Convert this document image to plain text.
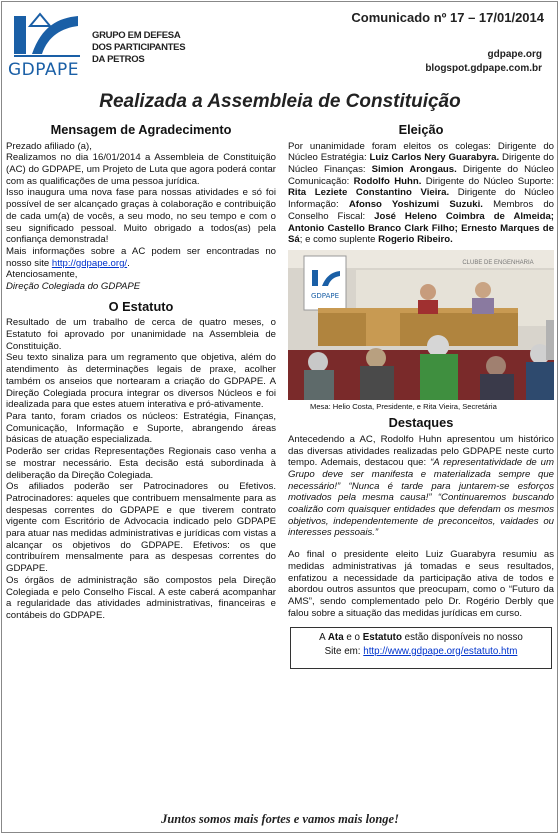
GDPAPE
GRUPO EM DEFESA
DOS PARTICIPANTES
DA PETROS
Comunicado nº 17 – 17/01/2014
gdpape.org
blogspot.gdpape.com.br
Realizada a Assembleia de Constituição
Mensagem de Agradecimento

Prezado afiliado (a),

Realizamos no dia 16/01/2014 a Assembleia de Constituição (AC) do GDPAPE, um Projeto de Luta que agora poderá contar com as qualificações de uma pessoa jurídica.

Isso inaugura uma nova fase para nossas atividades e só foi possível de ser alcançado graças à colaboração e contribuição de cada um(a) de vocês, a seu modo, no seu tempo e com o seu significado pessoal. Muito obrigado a todos(as) pela confiança demonstrada!

Mais informações sobre a AC podem ser encontradas no nosso site http://gdpape.org/.

Atenciosamente,

Direção Colegiada do GDPAPE

O Estatuto

Resultado de um trabalho de cerca de quatro meses, o Estatuto foi aprovado por unanimidade na Assembleia de Constituição.

Seu texto sinaliza para um regramento que objetiva, além do atendimento às determinações legais de praxe, acolher também os anseios que nortearam a criação do GDPAPE. A Direção Colegiada procura integrar os diversos Núcleos e foi idealizada para que estes atuem interativa e pró-ativamente.

Para tanto, foram criados os núcleos: Estratégia, Finanças, Comunicação, Informação e Suporte, abrangendo áreas básicas de atuação especializada.

Poderão ser cridas Representações Regionais caso venha a se mostrar necessário. Esta decisão está subordinada à deliberação da Direção Colegiada.

Os afiliados poderão ser Patrocinadores ou Efetivos. Patrocinadores: aqueles que contribuem mensalmente para as despesas correntes do GDPAPE e que tiverem contrato vigente com Escritório de Advocacia indicado pelo GDPAPE para atuar nas medidas administrativas e jurídicas com vistas a alcançar os objetivos do GDPAPE. Efetivos: os que contribuírem mensalmente para as despesas correntes do GDPAPE.

Os órgãos de administração são compostos pela Direção Colegiada e pelo Conselho Fiscal. A este caberá acompanhar a regularidade das atividades administrativas, financeiras e contábeis do GDPAPE.

Eleição

Por unanimidade foram eleitos os colegas: Dirigente do Núcleo Estratégia: Luiz Carlos Nery Guarabyra. Dirigente do Núcleo Finanças: Simion Arongaus. Dirigente do Núcleo Comunicação: Rodolfo Huhn. Dirigente do Núcleo Suporte: Rita Leziete Constantino Vieira. Dirigente do Núcleo Informação: Afonso Yoshizumi Suzuki. Membros do Conselho Fiscal: José Heleno Coimbra de Almeida; Antonio Castello Branco Clark Filho; Ernesto Marques de Sá; e como suplente Rogerio Ribeiro.

GDPAPE
CLUBE DE ENGENHARIA
Mesa: Helio Costa, Presidente, e Rita Vieira, Secretária
Destaques

Antecedendo a AC, Rodolfo Huhn apresentou um histórico das diversas atividades realizadas pelo GDPAPE neste curto tempo. Ademais, destacou que: “A representatividade de um Grupo deve ser manifesta e materializada sempre que necessário!” “Nunca é tarde para juntarem-se esforços motivados pela mesma causa!” “Continuaremos buscando coalizão com quaisquer entidades que defendam os mesmos objetivos, independentemente de preconceitos, vaidades ou interesses pessoais.”

Ao final o presidente eleito Luiz Guarabyra resumiu as medidas administrativas já tomadas e seus resultados, enfatizou a necessidade da participação ativa de todos e abordou outros assuntos que preocupam, como o “Futuro da AMS”, sendo complementado pelo Dr. Rogério Derbly que falou sobre a situação das medidas jurídicas em curso.

A Ata e o Estatuto estão disponíveis no nosso
Site em: http://www.gdpape.org/estatuto.htm
Juntos somos mais fortes e vamos mais longe!
